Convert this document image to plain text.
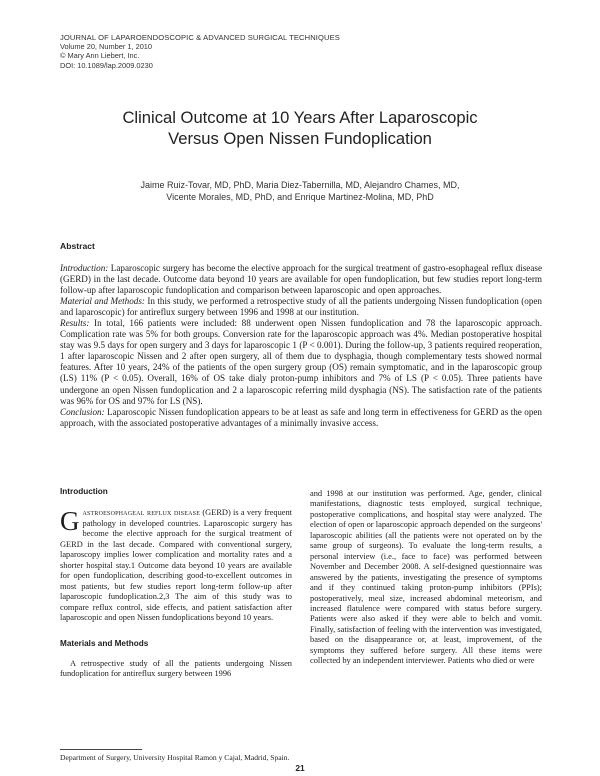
JOURNAL OF LAPAROENDOSCOPIC & ADVANCED SURGICAL TECHNIQUES
Volume 20, Number 1, 2010
© Mary Ann Liebert, Inc.
DOI: 10.1089/lap.2009.0230
Clinical Outcome at 10 Years After Laparoscopic
Versus Open Nissen Fundoplication
Jaime Ruiz-Tovar, MD, PhD, Maria Diez-Tabernilla, MD, Alejandro Chames, MD,
Vicente Morales, MD, PhD, and Enrique Martinez-Molina, MD, PhD
Abstract

Introduction: Laparoscopic surgery has become the elective approach for the surgical treatment of gastro-esophageal reflux disease (GERD) in the last decade. Outcome data beyond 10 years are available for open fundoplication, but few studies report long-term follow-up after laparoscopic fundoplication and comparison between laparoscopic and open approaches.

Material and Methods: In this study, we performed a retrospective study of all the patients undergoing Nissen fundoplication (open and laparoscopic) for antireflux surgery between 1996 and 1998 at our institution.

Results: In total, 166 patients were included: 88 underwent open Nissen fundoplication and 78 the laparoscopic approach. Complication rate was 5% for both groups. Conversion rate for the laparoscopic approach was 4%. Median postoperative hospital stay was 9.5 days for open surgery and 3 days for laparoscopic 1 (P < 0.001). During the follow-up, 3 patients required reoperation, 1 after laparoscopic Nissen and 2 after open surgery, all of them due to dysphagia, though complementary tests showed normal features. After 10 years, 24% of the patients of the open surgery group (OS) remain symptomatic, and in the laparoscopic group (LS) 11% (P < 0.05). Overall, 16% of OS take dialy proton-pump inhibitors and 7% of LS (P < 0.05). Three patients have undergone an open Nissen fundoplication and 2 a laparoscopic referring mild dysphagia (NS). The satisfaction rate of the patients was 96% for OS and 97% for LS (NS).

Conclusion: Laparoscopic Nissen fundoplication appears to be at least as safe and long term in effectiveness for GERD as the open approach, with the associated postoperative advantages of a minimally invasive access.

Introduction

Gastroesophageal reflux disease (GERD) is a very frequent pathology in developed countries. Laparoscopic surgery has become the elective approach for the surgical treatment of GERD in the last decade. Compared with conventional surgery, laparoscopy implies lower complication and mortality rates and a shorter hospital stay.1 Outcome data beyond 10 years are available for open fundoplication, describing good-to-excellent outcomes in most patients, but few studies report long-term follow-up after laparoscopic fundoplication.2,3 The aim of this study was to compare reflux control, side effects, and patient satisfaction after laparoscopic and open Nissen fundoplications beyond 10 years.

Materials and Methods

A retrospective study of all the patients undergoing Nissen fundoplication for antireflux surgery between 1996

and 1998 at our institution was performed. Age, gender, clinical manifestations, diagnostic tests employed, surgical technique, postoperative complications, and hospital stay were analyzed. The election of open or laparoscopic approach depended on the surgeons' laparoscopic abilities (all the patients were not operated on by the same group of surgeons). To evaluate the long-term results, a personal interview (i.e., face to face) was performed between November and December 2008. A self-designed questionnaire was answered by the patients, investigating the presence of symptoms and if they continued taking proton-pump inhibitors (PPIs); postoperatively, meal size, increased abdominal meteorism, and increased flatulence were compared with status before surgery. Patients were also asked if they were able to belch and vomit. Finally, satisfaction of feeling with the intervention was investigated, based on the disappearance or, at least, improvement, of the symptoms they suffered before surgery. All these items were collected by an independent interviewer. Patients who died or were

Department of Surgery, University Hospital Ramon y Cajal, Madrid, Spain.
21
